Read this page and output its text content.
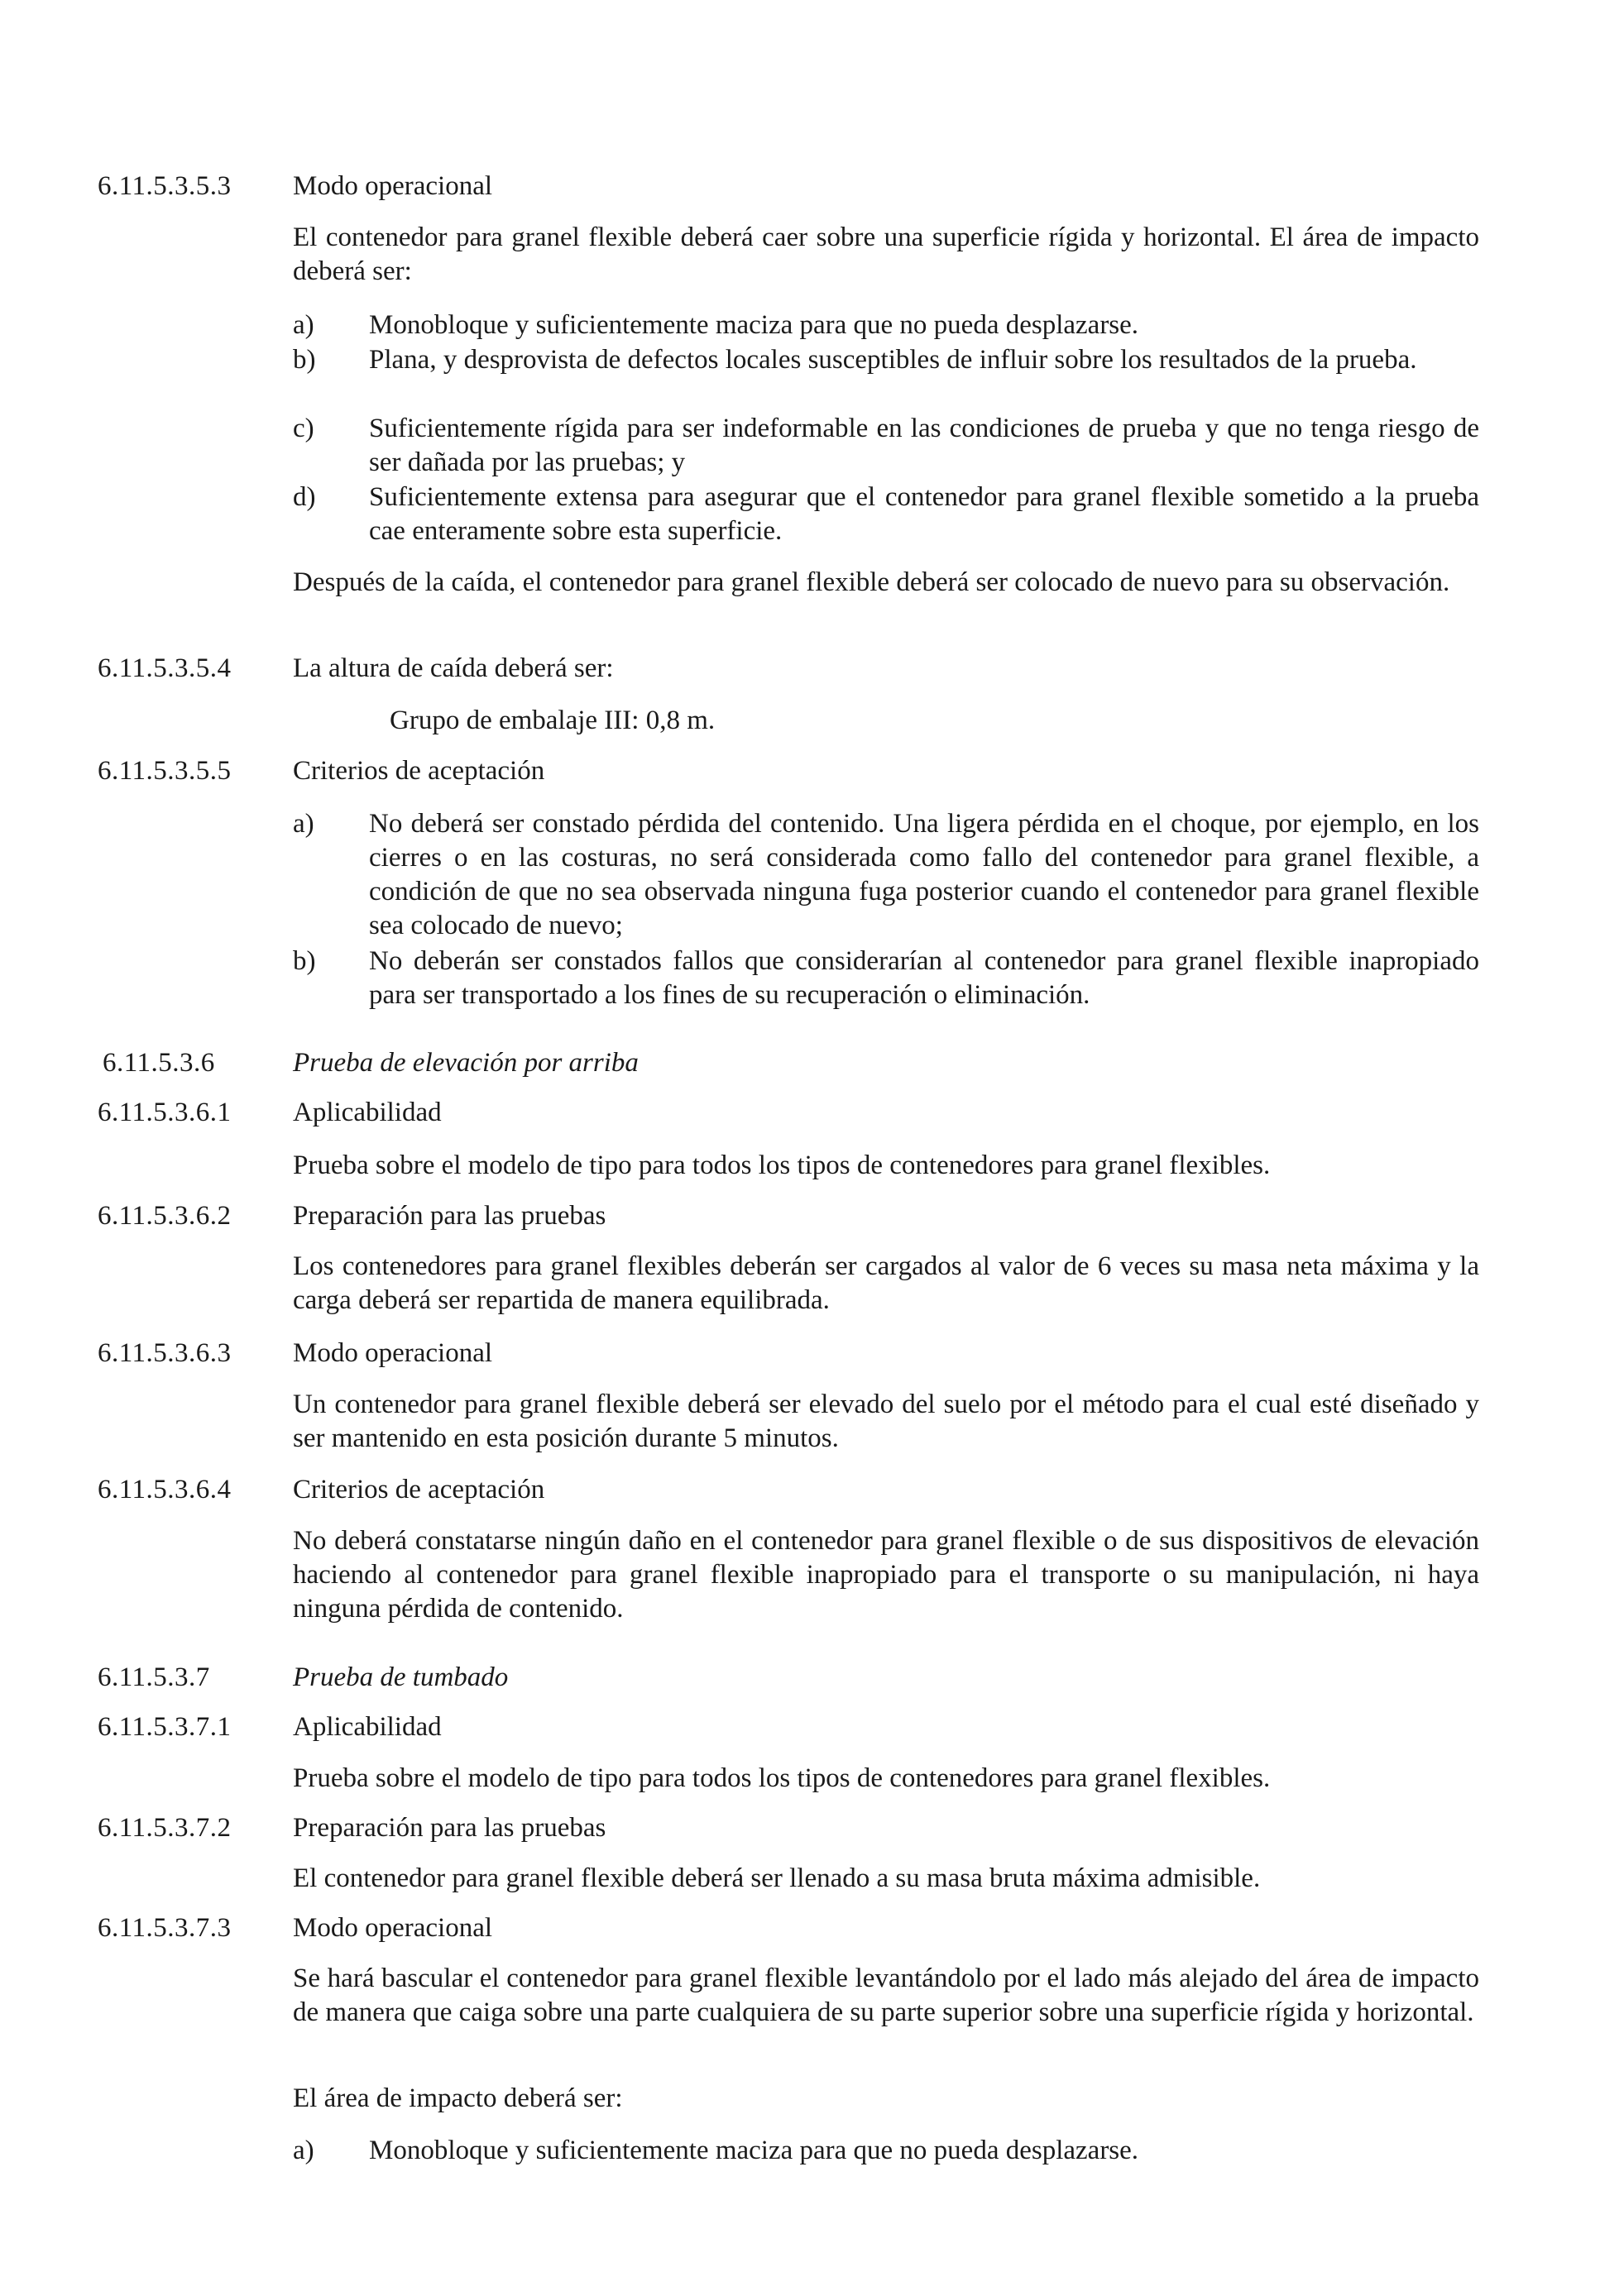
6.11.5.3.5.3 Modo operacional
El contenedor para granel flexible deberá caer sobre una superficie rígida y horizontal. El área de impacto deberá ser:
a) Monobloque y suficientemente maciza para que no pueda desplazarse.
b) Plana, y desprovista de defectos locales susceptibles de influir sobre los resultados de la prueba.
c) Suficientemente rígida para ser indeformable en las condiciones de prueba y que no tenga riesgo de ser dañada por las pruebas; y
d) Suficientemente extensa para asegurar que el contenedor para granel flexible sometido a la prueba cae enteramente sobre esta superficie.
Después de la caída, el contenedor para granel flexible deberá ser colocado de nuevo para su observación.
6.11.5.3.5.4 La altura de caída deberá ser:
Grupo de embalaje III: 0,8 m.
6.11.5.3.5.5 Criterios de aceptación
a) No deberá ser constado pérdida del contenido. Una ligera pérdida en el choque, por ejemplo, en los cierres o en las costuras, no será considerada como fallo del contenedor para granel flexible, a condición de que no sea observada ninguna fuga posterior cuando el contenedor para granel flexible sea colocado de nuevo;
b) No deberán ser constados fallos que considerarían al contenedor para granel flexible inapropiado para ser transportado a los fines de su recuperación o eliminación.
6.11.5.3.6	Prueba de elevación por arriba
6.11.5.3.6.1 Aplicabilidad
Prueba sobre el modelo de tipo para todos los tipos de contenedores para granel flexibles.
6.11.5.3.6.2 Preparación para las pruebas
Los contenedores para granel flexibles deberán ser cargados al valor de 6 veces su masa neta máxima y la carga deberá ser repartida de manera equilibrada.
6.11.5.3.6.3 Modo operacional
Un contenedor para granel flexible deberá ser elevado del suelo por el método para el cual esté diseñado y ser mantenido en esta posición durante 5 minutos.
6.11.5.3.6.4 Criterios de aceptación
No deberá constatarse ningún daño en el contenedor para granel flexible o de sus dispositivos de elevación haciendo al contenedor para granel flexible inapropiado para el transporte o su manipulación, ni haya ninguna pérdida de contenido.
6.11.5.3.7	Prueba de tumbado
6.11.5.3.7.1 Aplicabilidad
Prueba sobre el modelo de tipo para todos los tipos de contenedores para granel flexibles.
6.11.5.3.7.2 Preparación para las pruebas
El contenedor para granel flexible deberá ser llenado a su masa bruta máxima admisible.
6.11.5.3.7.3 Modo operacional
Se hará bascular el contenedor para granel flexible levantándolo por el lado más alejado del área de impacto de manera que caiga sobre una parte cualquiera de su parte superior sobre una superficie rígida y horizontal.
El área de impacto deberá ser:
a) Monobloque y suficientemente maciza para que no pueda desplazarse.
